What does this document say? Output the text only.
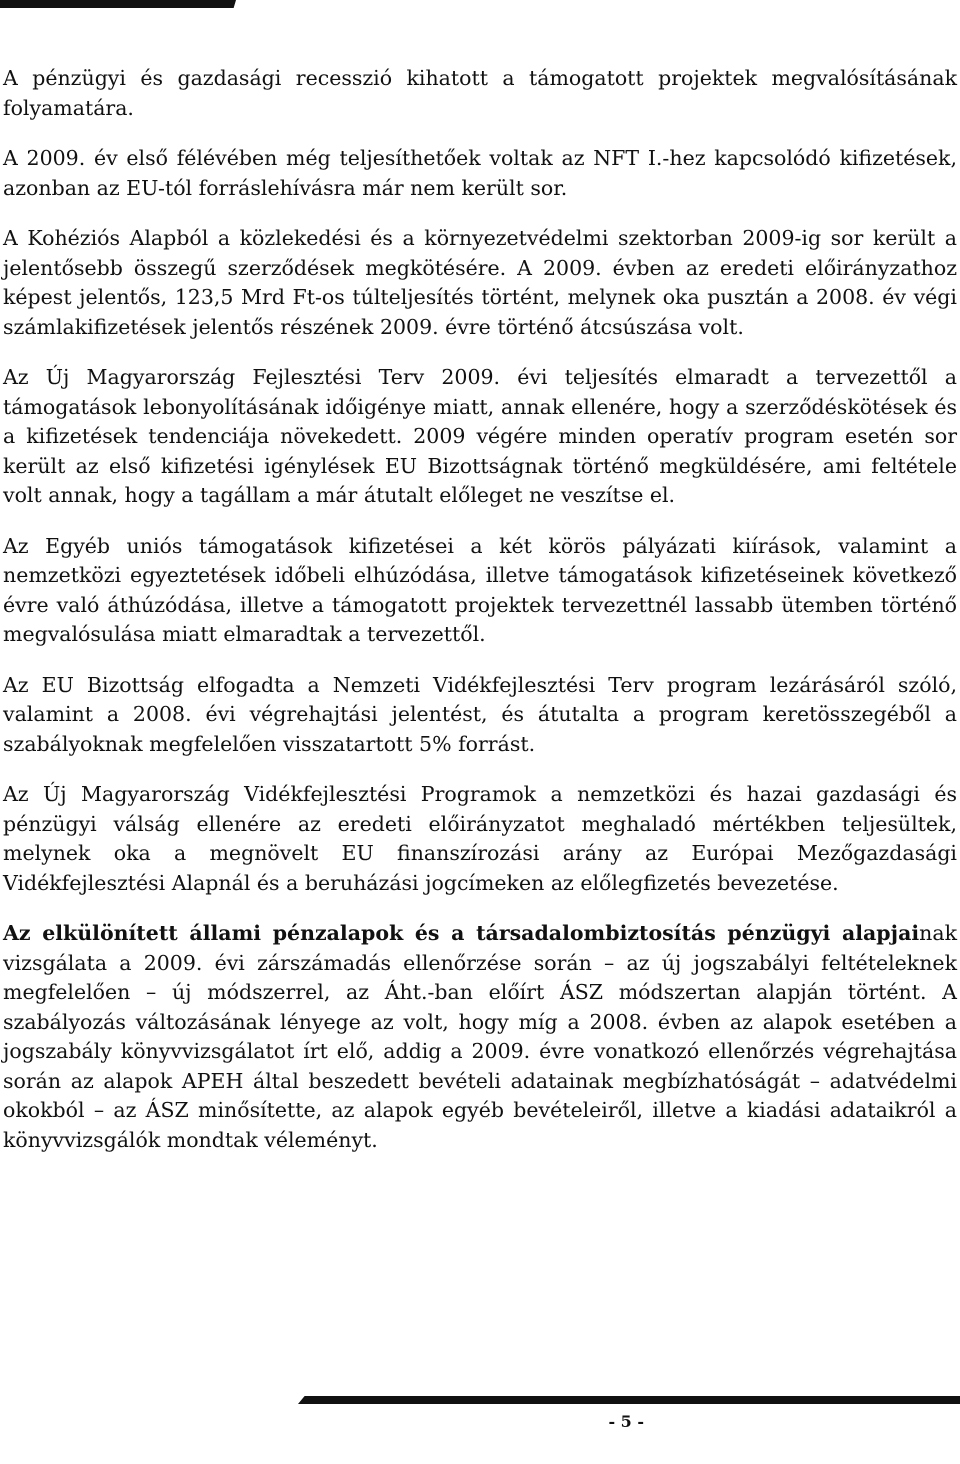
A pénzügyi és gazdasági recesszió kihatott a támogatott projektek megvalósításának folyamatára.

A 2009. év első félévében még teljesíthetőek voltak az NFT I.-hez kapcsolódó kifizetések, azonban az EU-tól forráslehívásra már nem került sor.

A Kohéziós Alapból a közlekedési és a környezetvédelmi szektorban 2009-ig sor került a jelentősebb összegű szerződések megkötésére. A 2009. évben az eredeti előirányzathoz képest jelentős, 123,5 Mrd Ft-os túlteljesítés történt, melynek oka pusztán a 2008. év végi számlakifizetések jelentős részének 2009. évre történő átcsúszása volt.

Az Új Magyarország Fejlesztési Terv 2009. évi teljesítés elmaradt a tervezettől a támogatások lebonyolításának időigénye miatt, annak ellenére, hogy a szerződéskötések és a kifizetések tendenciája növekedett. 2009 végére minden operatív program esetén sor került az első kifizetési igénylések EU Bizottságnak történő megküldésére, ami feltétele volt annak, hogy a tagállam a már átutalt előleget ne veszítse el.

Az Egyéb uniós támogatások kifizetései a két körös pályázati kiírások, valamint a nemzetközi egyeztetések időbeli elhúzódása, illetve támogatások kifizetéseinek következő évre való áthúzódása, illetve a támogatott projektek tervezettnél lassabb ütemben történő megvalósulása miatt elmaradtak a tervezettől.

Az EU Bizottság elfogadta a Nemzeti Vidékfejlesztési Terv program lezárásáról szóló, valamint a 2008. évi végrehajtási jelentést, és átutalta a program keretösszegéből a szabályoknak megfelelően visszatartott 5% forrást.

Az Új Magyarország Vidékfejlesztési Programok a nemzetközi és hazai gazdasági és pénzügyi válság ellenére az eredeti előirányzatot meghaladó mértékben teljesültek, melynek oka a megnövelt EU finanszírozási arány az Európai Mezőgazdasági Vidékfejlesztési Alapnál és a beruházási jogcímeken az előlegfizetés bevezetése.

Az elkülönített állami pénzalapok és a társadalombiztosítás pénzügyi alapjainak vizsgálata a 2009. évi zárszámadás ellenőrzése során – az új jogszabályi feltételeknek megfelelően – új módszerrel, az Áht.-ban előírt ÁSZ módszertan alapján történt. A szabályozás változásának lényege az volt, hogy míg a 2008. évben az alapok esetében a jogszabály könyvvizsgálatot írt elő, addig a 2009. évre vonatkozó ellenőrzés végrehajtása során az alapok APEH által beszedett bevételi adatainak megbízhatóságát – adatvédelmi okokból – az ÁSZ minősítette, az alapok egyéb bevételeiről, illetve a kiadási adataikról a könyvvizsgálók mondtak véleményt.

- 5 -
